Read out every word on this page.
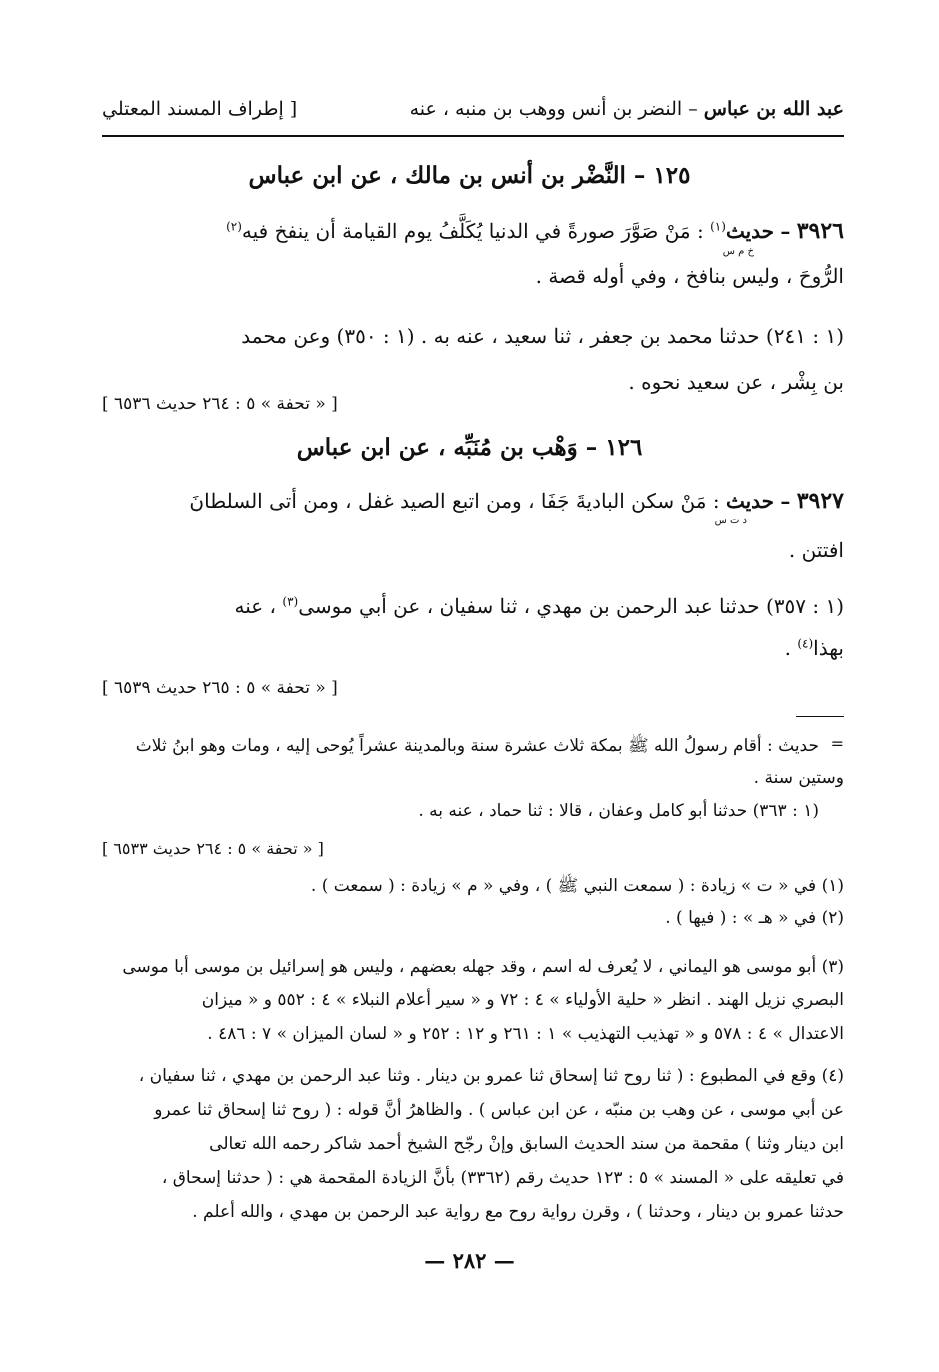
عبد الله بن عباس – النضر بن أنس ووهب بن منبه ، عنه
[ إطراف المسند المعتلي
١٢٥ – النَّضْر بن أنس بن مالك ، عن ابن عباس
٣٩٢٦ – حديث$^{(١)}$ : مَنْ صَوَّرَ صورةً في الدنيا يُكَلَّفُ يوم القيامة أن ينفخ فيه$^{(٢)}$
خ م س
الرُّوحَ ، وليس بنافخ ، وفي أوله قصة .
(١ : ٢٤١) حدثنا محمد بن جعفر ، ثنا سعيد ، عنه به . (١ : ٣٥٠) وعن محمد
بن بِشْر ، عن سعيد نحوه .
[ « تحفة » ٥ : ٢٦٤ حديث ٦٥٣٦ ]
١٢٦ – وَهْب بن مُنَبِّه ، عن ابن عباس
٣٩٢٧ – حديث : مَنْ سكن الباديةَ جَفَا ، ومن اتبع الصيد غفل ، ومن أتى السلطانَ
د ت س
افتتن .
(١ : ٣٥٧) حدثنا عبد الرحمن بن مهدي ، ثنا سفيان ، عن أبي موسى$^{(٣)}$ ، عنه
بهذا$^{(٤)}$ .
[ « تحفة » ٥ : ٢٦٥ حديث ٦٥٣٩ ]
=
حديث : أقام رسولُ الله ﷺ بمكة ثلاث عشرة سنة وبالمدينة عشراً يُوحى إليه ، ومات وهو ابنُ ثلاث
وستين سنة .
(١ : ٣٦٣) حدثنا أبو كامل وعفان ، قالا : ثنا حماد ، عنه به .
[ « تحفة » ٥ : ٢٦٤ حديث ٦٥٣٣ ]
(١) في « ت » زيادة : ( سمعت النبي ﷺ ) ، وفي « م » زيادة : ( سمعت ) .
(٢) في « هـ » : ( فيها ) .
(٣) أبو موسى هو اليماني ، لا يُعرف له اسم ، وقد جهله بعضهم ، وليس هو إسرائيل بن موسى أبا موسى
البصري نزيل الهند . انظر « حلية الأولياء » ٤ : ٧٢ و « سير أعلام النبلاء » ٤ : ٥٥٢ و « ميزان
الاعتدال » ٤ : ٥٧٨ و « تهذيب التهذيب » ١ : ٢٦١ و ١٢ : ٢٥٢ و « لسان الميزان » ٧ : ٤٨٦ .
(٤) وقع في المطبوع : ( ثنا روح ثنا إسحاق ثنا عمرو بن دينار . وثنا عبد الرحمن بن مهدي ، ثنا سفيان ،
عن أبي موسى ، عن وهب بن منبّه ، عن ابن عباس ) . والظاهرُ أنَّ قوله : ( روح ثنا إسحاق ثنا عمرو
ابن دينار وثنا ) مقحمة من سند الحديث السابق وإنْ رجّح الشيخ أحمد شاكر رحمه الله تعالى
في تعليقه على « المسند » ٥ : ١٢٣ حديث رقم (٣٣٦٢) بأنَّ الزيادة المقحمة هي : ( حدثنا إسحاق ،
حدثنا عمرو بن دينار ، وحدثنا ) ، وقرن رواية روح مع رواية عبد الرحمن بن مهدي ، والله أعلم .
— ٢٨٢ —
